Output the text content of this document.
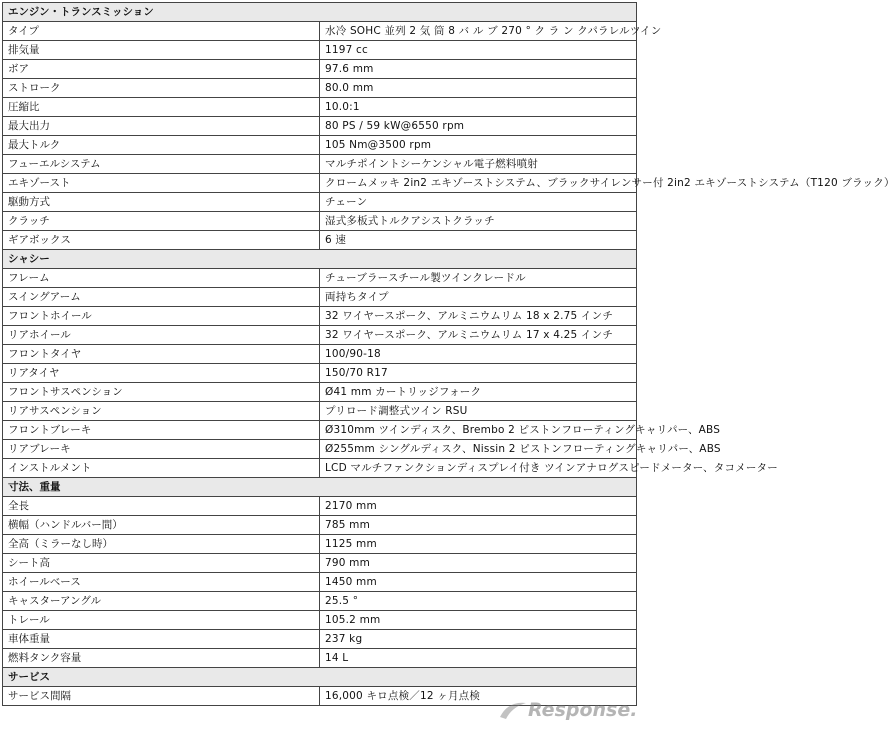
エンジン・トランスミッション	
タイプ	水冷 SOHC 並列 2 気 筒 8 バ ル ブ 270 ° ク ラ ン クパラレルツイン
排気量	1197 cc
ボア	97.6 mm
ストローク	80.0 mm
圧縮比	10.0:1
最大出力	80 PS / 59 kW@6550 rpm
最大トルク	105 Nm@3500 rpm
フューエルシステム	マルチポイントシーケンシャル電子燃料噴射
エキゾースト	クロームメッキ 2in2 エキゾーストシステム、ブラックサイレンサー付 2in2 エキゾーストシステム（T120 ブラック）
駆動方式	チェーン
クラッチ	湿式多板式トルクアシストクラッチ
ギアボックス	6 速
シャシー	
フレーム	チューブラースチール製ツインクレードル
スイングアーム	両持ちタイプ
フロントホイール	32 ワイヤースポーク、アルミニウムリム 18 x 2.75 インチ
リアホイール	32 ワイヤースポーク、アルミニウムリム 17 x 4.25 インチ
フロントタイヤ	100/90-18
リアタイヤ	150/70 R17
フロントサスペンション	Ø41 mm カートリッジフォーク
リアサスペンション	プリロード調整式ツイン RSU
フロントブレーキ	Ø310mm ツインディスク、Brembo 2 ピストンフローティングキャリパー、ABS
リアブレーキ	Ø255mm シングルディスク、Nissin 2 ピストンフローティングキャリパー、ABS
インストルメント	LCD マルチファンクションディスプレイ付き ツインアナログスピードメーター、タコメーター
寸法、重量	
全長	2170 mm
横幅（ハンドルバー間）	785 mm
全高（ミラーなし時）	1125 mm
シート高	790 mm
ホイールベース	1450 mm
キャスターアングル	25.5 °
トレール	105.2 mm
車体重量	237 kg
燃料タンク容量	14 L
サービス	
サービス間隔	16,000 キロ点検／12 ヶ月点検
Response.
